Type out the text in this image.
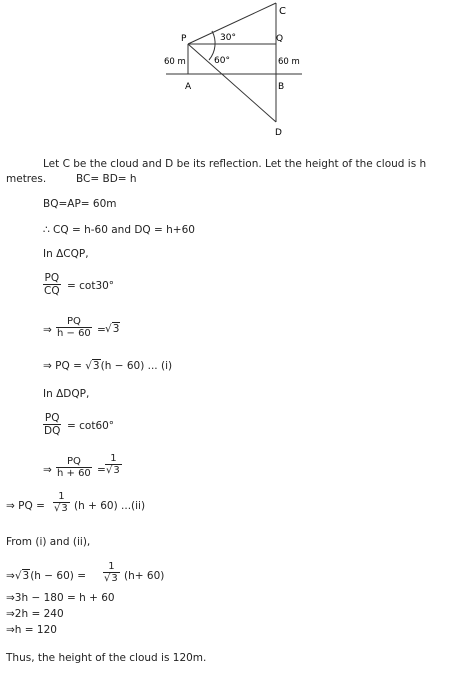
C
P	30°	Q
60 m	60°	60 m
A	B
D
Let C be the cloud and D be its reflection. Let the height of the cloud is h
metres.	BC= BD= h
BQ=AP= 60m
∴ CQ = h-60 and DQ = h+60
In ΔCQP,
$\frac{PQ}{CQ} = \cot 30^\circ$
⇒ $\frac{PQ}{h - 60} = √3$
⇒ PQ = √3(h − 60) ... (i)
In ΔDQP,
$\frac{PQ}{DQ} = \cot 60^\circ$
⇒ $\frac{PQ}{h + 60} = \frac{1}{√3}$
⇒ PQ = $\frac{1}{√3} (h + 60)$ ...(ii)
From (i) and (ii),
⇒√3(h − $60) = \frac{1}{√3} (h+ 60)$
⇒3h − 180 = h + 60
⇒2h = 240
⇒h = 120
Thus, the height of the cloud is 120m.
